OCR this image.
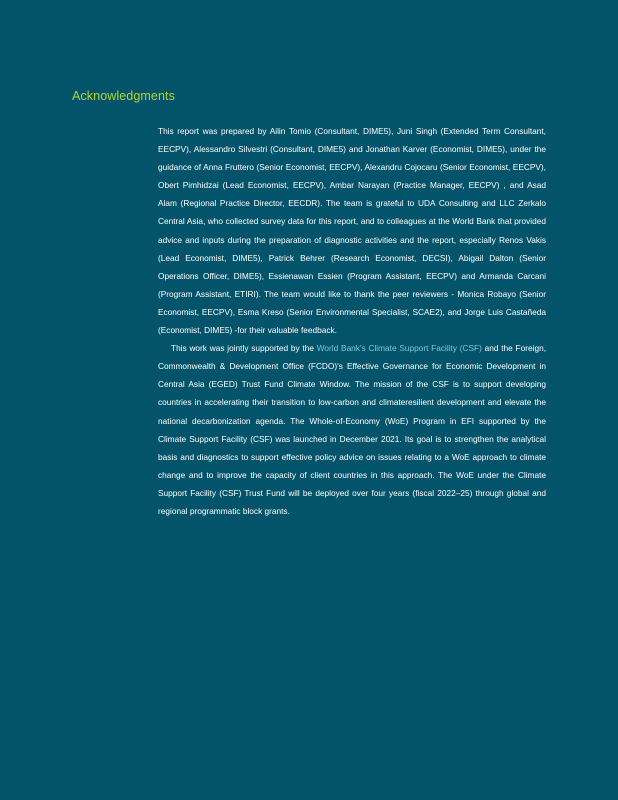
Acknowledgments

This report was prepared by Ailin Tomio (Consultant, DIME5), Juni Singh (Extended Term Consultant, EECPV), Alessandro Silvestri (Consultant, DIME5) and Jonathan Karver (Economist, DIME5), under the guidance of Anna Fruttero (Senior Economist, EECPV), Alexandru Cojocaru (Senior Economist, EECPV), Obert Pimhidzai (Lead Economist, EECPV), Ambar Narayan (Practice Manager, EECPV) , and Asad Alam (Regional Practice Director, EECDR). The team is grateful to UDA Consulting and LLC Zerkalo Central Asia, who collected survey data for this report, and to colleagues at the World Bank that provided advice and inputs during the preparation of diagnostic activities and the report, especially Renos Vakis (Lead Economist, DIME5), Patrick Behrer (Research Economist, DECSI), Abigail Dalton (Senior Operations Officer, DIME5), Essienawan Essien (Program Assistant, EECPV) and Armanda Carcani (Program Assistant, ETIRI). The team would like to thank the peer reviewers - Monica Robayo (Senior Economist, EECPV), Esma Kreso (Senior Environmental Specialist, SCAE2), and Jorge Luis Castañeda (Economist, DIME5) -for their valuable feedback.

This work was jointly supported by the World Bank's Climate Support Facility (CSF) and the Foreign, Commonwealth & Development Office (FCDO)'s Effective Governance for Economic Development in Central Asia (EGED) Trust Fund Climate Window. The mission of the CSF is to support developing countries in accelerating their transition to low-carbon and climateresilient development and elevate the national decarbonization agenda. The Whole-of-Economy (WoE) Program in EFI supported by the Climate Support Facility (CSF) was launched in December 2021. Its goal is to strengthen the analytical basis and diagnostics to support effective policy advice on issues relating to a WoE approach to climate change and to improve the capacity of client countries in this approach. The WoE under the Climate Support Facility (CSF) Trust Fund will be deployed over four years (fiscal 2022–25) through global and regional programmatic block grants.
